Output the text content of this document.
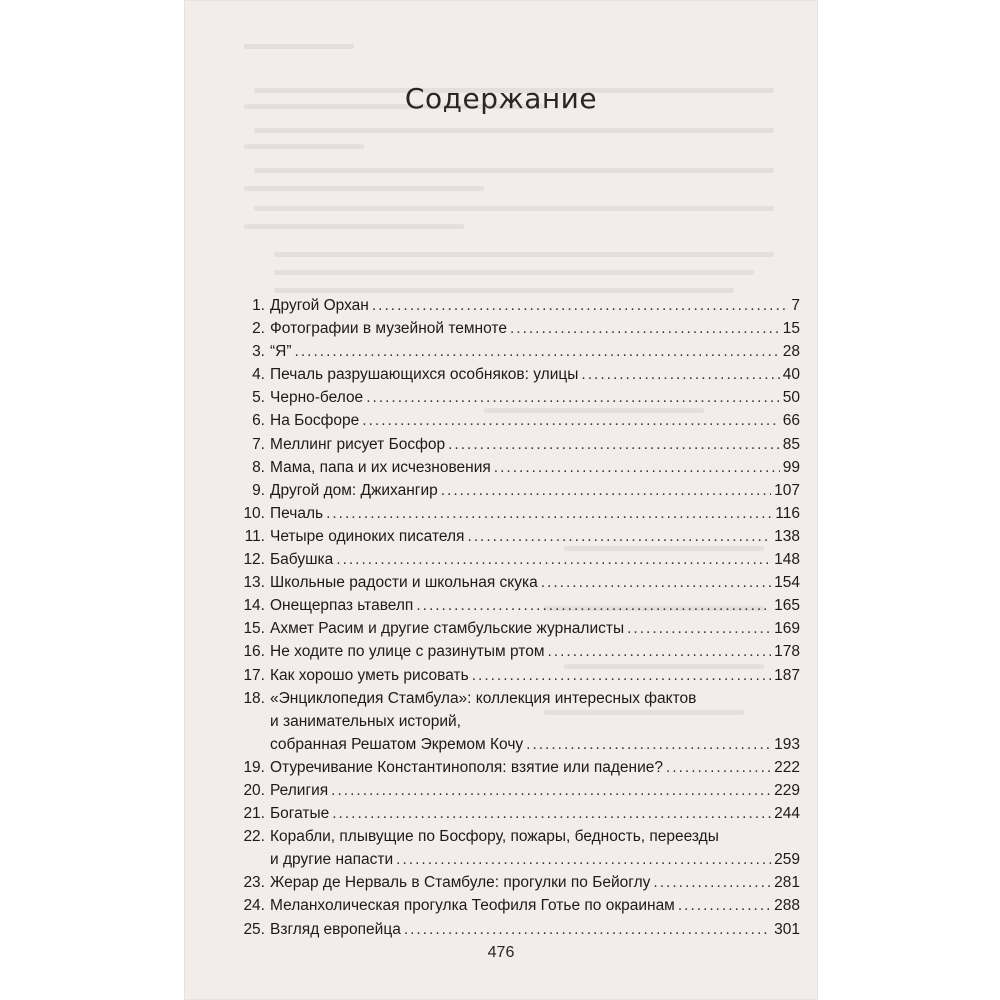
Содержание
1. Другой Орхан .....	7
2. Фотографии в музейной темноте .....	15
3. “Я” .....	28
4. Печаль разрушающихся особняков: улицы .....	40
5. Черно-белое .....	50
6. На Босфоре .....	66
7. Меллинг рисует Босфор .....	85
8. Мама, папа и их исчезновения .....	99
9. Другой дом: Джихангир .....	107
10. Печаль .....	116
11. Четыре одиноких писателя .....	138
12. Бабушка .....	148
13. Школьные радости и школьная скука .....	154
14. Онещерпаз ьтавелп .....	165
15. Ахмет Расим и другие стамбульские журналисты .....	169
16. Не ходите по улице с разинутым ртом .....	178
17. Как хорошо уметь рисовать .....	187
18. «Энциклопедия Стамбула»: коллекция интересных фактов
и занимательных историй,
собранная Решатом Экремом Кочу .....	193
19. Отуречивание Константинополя: взятие или падение? .....	222
20. Религия .....	229
21. Богатые .....	244
22. Корабли, плывущие по Босфору, пожары, бедность, переезды
и другие напасти .....	259
23. Жерар де Нерваль в Стамбуле: прогулки по Бейоглу .....	281
24. Меланхолическая прогулка Теофиля Готье по окраинам .....	288
25. Взгляд европейца .....	301
476
